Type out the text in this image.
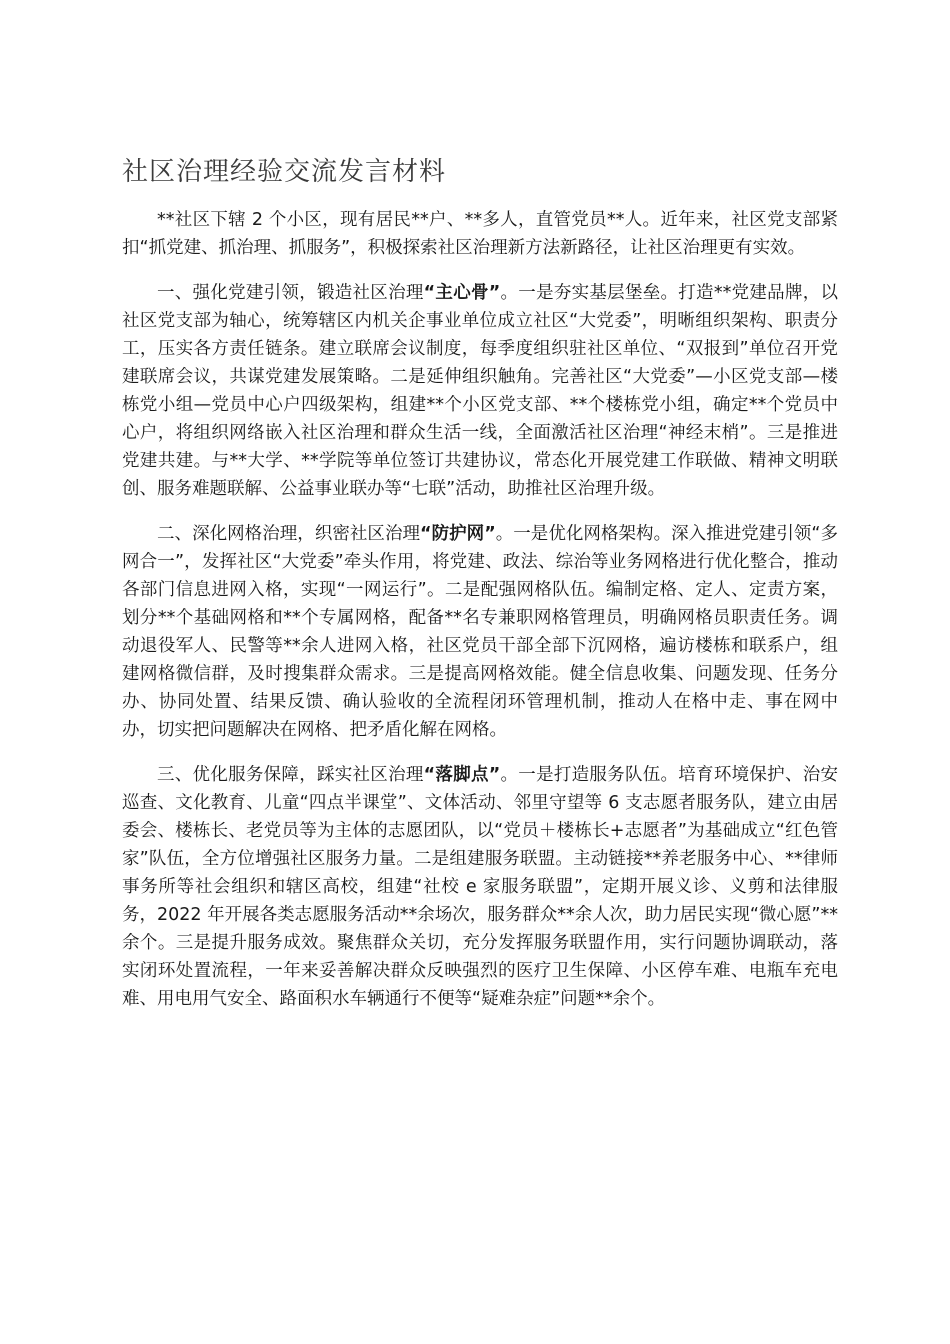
社区治理经验交流发言材料

**社区下辖 2 个小区，现有居民**户、**多人，直管党员**人。近年来，社区党支部紧扣“抓党建、抓治理、抓服务”，积极探索社区治理新方法新路径，让社区治理更有实效。

一、强化党建引领，锻造社区治理“主心骨”。一是夯实基层堡垒。打造**党建品牌，以社区党支部为轴心，统筹辖区内机关企事业单位成立社区“大党委”，明晰组织架构、职责分工，压实各方责任链条。建立联席会议制度，每季度组织驻社区单位、“双报到”单位召开党建联席会议，共谋党建发展策略。二是延伸组织触角。完善社区“大党委”—小区党支部—楼栋党小组—党员中心户四级架构，组建**个小区党支部、**个楼栋党小组，确定**个党员中心户，将组织网络嵌入社区治理和群众生活一线，全面激活社区治理“神经末梢”。三是推进党建共建。与**大学、**学院等单位签订共建协议，常态化开展党建工作联做、精神文明联创、服务难题联解、公益事业联办等“七联”活动，助推社区治理升级。

二、深化网格治理，织密社区治理“防护网”。一是优化网格架构。深入推进党建引领“多网合一”，发挥社区“大党委”牵头作用，将党建、政法、综治等业务网格进行优化整合，推动各部门信息进网入格，实现“一网运行”。二是配强网格队伍。编制定格、定人、定责方案，划分**个基础网格和**个专属网格，配备**名专兼职网格管理员，明确网格员职责任务。调动退役军人、民警等**余人进网入格，社区党员干部全部下沉网格，遍访楼栋和联系户，组建网格微信群，及时搜集群众需求。三是提高网格效能。健全信息收集、问题发现、任务分办、协同处置、结果反馈、确认验收的全流程闭环管理机制，推动人在格中走、事在网中办，切实把问题解决在网格、把矛盾化解在网格。

三、优化服务保障，踩实社区治理“落脚点”。一是打造服务队伍。培育环境保护、治安巡查、文化教育、儿童“四点半课堂”、文体活动、邻里守望等 6 支志愿者服务队，建立由居委会、楼栋长、老党员等为主体的志愿团队，以“党员＋楼栋长+志愿者”为基础成立“红色管家”队伍，全方位增强社区服务力量。二是组建服务联盟。主动链接**养老服务中心、**律师事务所等社会组织和辖区高校，组建“社校 e 家服务联盟”，定期开展义诊、义剪和法律服务，2022 年开展各类志愿服务活动**余场次，服务群众**余人次，助力居民实现“微心愿”**余个。三是提升服务成效。聚焦群众关切，充分发挥服务联盟作用，实行问题协调联动，落实闭环处置流程，一年来妥善解决群众反映强烈的医疗卫生保障、小区停车难、电瓶车充电难、用电用气安全、路面积水车辆通行不便等“疑难杂症”问题**余个。
